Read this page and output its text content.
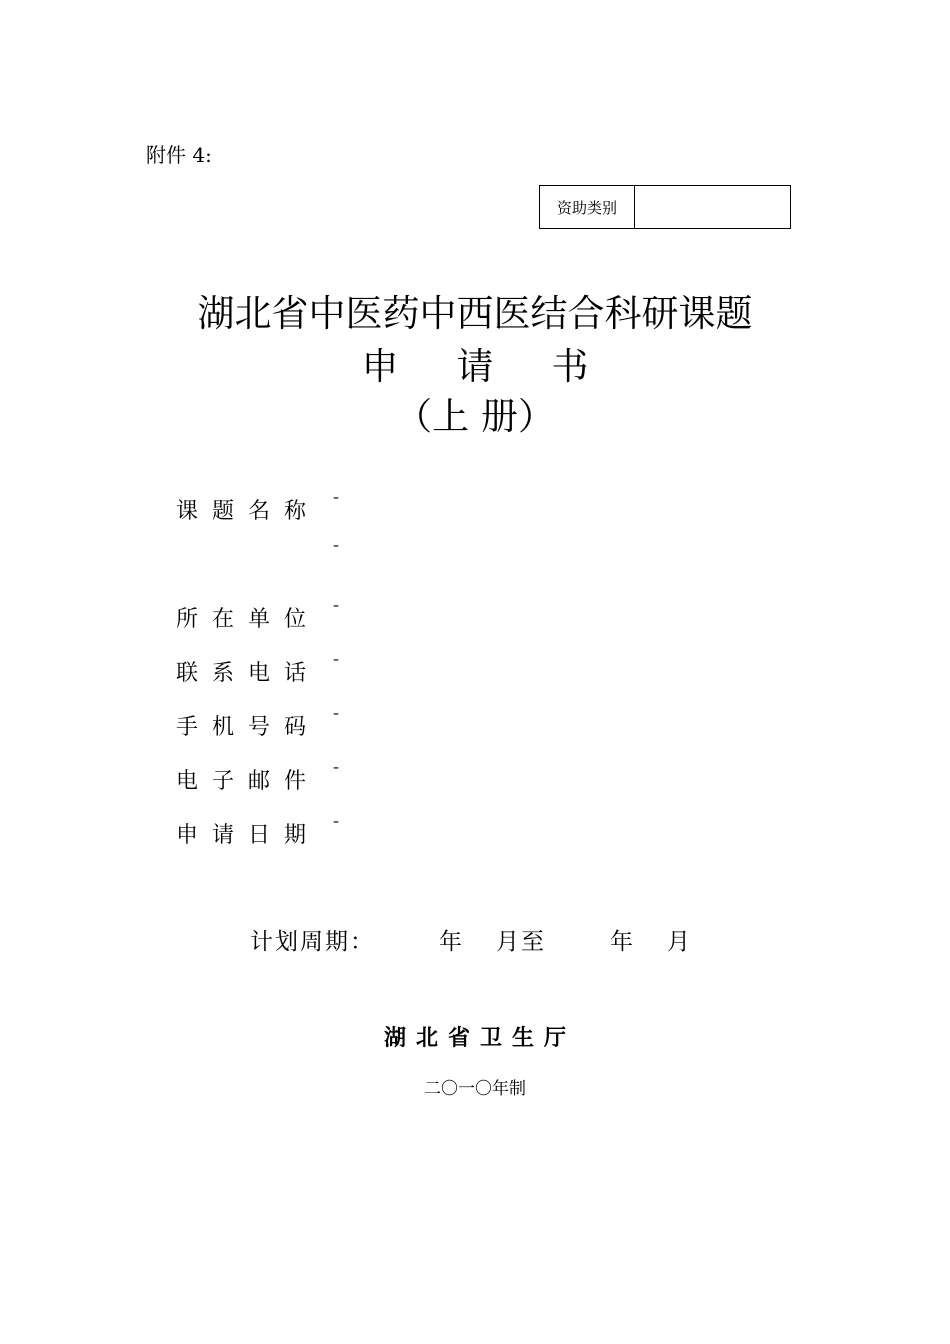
附件 4:
资助类别
湖北省中医药中西医结合科研课题
申请书
（上 册）
课题名称 ¯
¯
所在单位 ¯
联系电话 ¯
手机号码 ¯
电子邮件 ¯
申请日期 ¯
计划周期：	年 月至	年 月
湖北省卫生厅
二〇一〇年制
